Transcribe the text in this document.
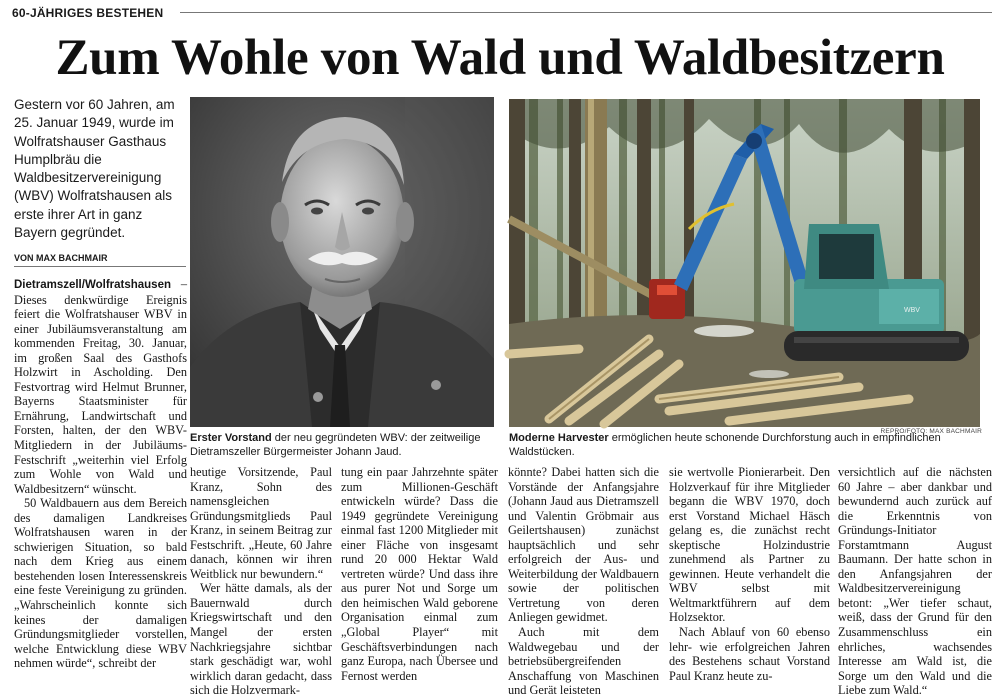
60-JÄHRIGES BESTEHEN
Zum Wohle von Wald und Waldbesitzern
Gestern vor 60 Jahren, am 25. Januar 1949, wurde im Wolfratshauser Gasthaus Humplbräu die Waldbesitzervereinigung (WBV) Wolfratshausen als erste ihrer Art in ganz Bayern gegründet.
VON MAX BACHMAIR
WBV
Erster Vorstand der neu gegründeten WBV: der zeitweilige Dietramszeller Bürgermeister Johann Jaud.
REPRO/FOTO: MAX BACHMAIR
Moderne Harvester ermöglichen heute schonende Durchforstung auch in empfindlichen Waldstücken.

Dietramszell/Wolfratshausen – Dieses denkwürdige Ereignis feiert die Wolfratshauser WBV in einer Jubiläumsveranstaltung am kommenden Freitag, 30. Januar, im großen Saal des Gasthofs Holzwirt in Ascholding. Den Festvortrag wird Helmut Brunner, Bayerns Staatsminister für Ernährung, Landwirtschaft und Forsten, halten, der den WBV-Mitgliedern in der Jubiläums-Festschrift „weiterhin viel Erfolg zum Wohle von Wald und Waldbesitzern“ wünscht.

50 Waldbauern aus dem Bereich des damaligen Landkreises Wolfratshausen waren in der schwierigen Situation, so bald nach dem Krieg aus einem bestehenden losen Interessenskreis eine feste Vereinigung zu gründen. „Wahrscheinlich konnte sich keines der damaligen Gründungsmitglieder vorstellen, welche Entwicklung diese WBV nehmen würde“, schreibt der

heutige Vorsitzende, Paul Kranz, Sohn des namensgleichen Gründungsmitglieds Paul Kranz, in seinem Beitrag zur Festschrift. „Heute, 60 Jahre danach, können wir ihren Weitblick nur bewundern.“

Wer hätte damals, als der Bauernwald durch Kriegswirtschaft und den Mangel der ersten Nachkriegsjahre sichtbar stark geschädigt war, wohl wirklich daran gedacht, dass sich die Holzvermark-

tung ein paar Jahrzehnte später zum Millionen-Geschäft entwickeln würde? Dass die 1949 gegründete Vereinigung einmal fast 1200 Mitglieder mit einer Fläche von insgesamt rund 20 000 Hektar Wald vertreten würde? Und dass ihre aus purer Not und Sorge um den heimischen Wald geborene Organisation einmal zum „Global Player“ mit Geschäftsverbindungen nach ganz Europa, nach Übersee und Fernost werden

könnte? Dabei hatten sich die Vorstände der Anfangsjahre (Johann Jaud aus Dietramszell und Valentin Gröbmair aus Geilertshausen) zunächst hauptsächlich und sehr erfolgreich der Aus- und Weiterbildung der Waldbauern sowie der politischen Vertretung von deren Anliegen gewidmet.

Auch mit dem Waldwegebau und der betriebsübergreifenden Anschaffung von Maschinen und Gerät leisteten

sie wertvolle Pionierarbeit. Den Holzverkauf für ihre Mitglieder begann die WBV 1970, doch erst Vorstand Michael Häsch gelang es, die zunächst recht skeptische Holzindustrie zunehmend als Partner zu gewinnen. Heute verhandelt die WBV selbst mit Weltmarktführern auf dem Holzsektor.

Nach Ablauf von 60 ebenso lehr- wie erfolgreichen Jahren des Bestehens schaut Vorstand Paul Kranz heute zu-

versichtlich auf die nächsten 60 Jahre – aber dankbar und bewundernd auch zurück auf die Erkenntnis von Gründungs-Initiator Forstamtmann August Baumann. Der hatte schon in den Anfangsjahren der Waldbesitzervereinigung betont: „Wer tiefer schaut, weiß, dass der Grund für den Zusammenschluss ein ehrliches, wachsendes Interesse am Wald ist, die Sorge um den Wald und die Liebe zum Wald.“
